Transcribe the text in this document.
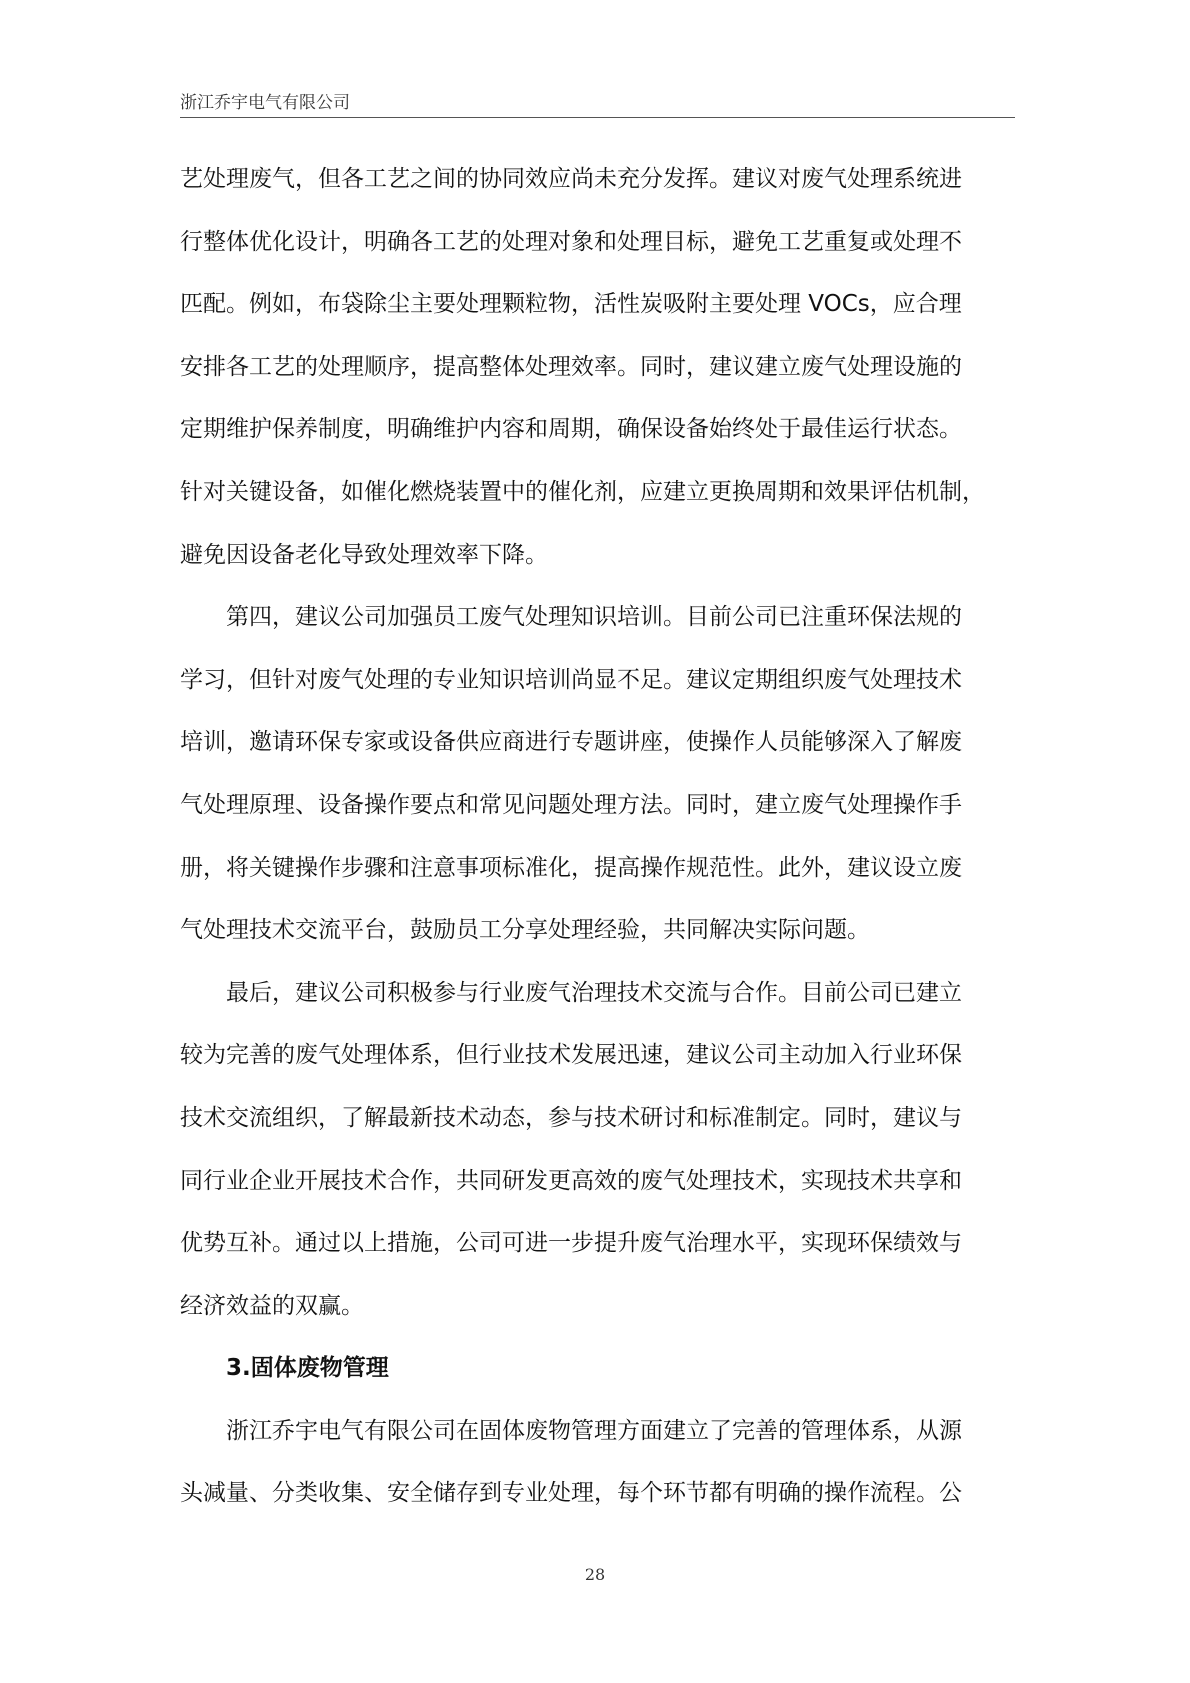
浙江乔宇电气有限公司
艺处理废气，但各工艺之间的协同效应尚未充分发挥。建议对废气处理系统进
行整体优化设计，明确各工艺的处理对象和处理目标，避免工艺重复或处理不
匹配。例如，布袋除尘主要处理颗粒物，活性炭吸附主要处理 VOCs，应合理
安排各工艺的处理顺序，提高整体处理效率。同时，建议建立废气处理设施的
定期维护保养制度，明确维护内容和周期，确保设备始终处于最佳运行状态。
针对关键设备，如催化燃烧装置中的催化剂，应建立更换周期和效果评估机制，
避免因设备老化导致处理效率下降。
第四，建议公司加强员工废气处理知识培训。目前公司已注重环保法规的
学习，但针对废气处理的专业知识培训尚显不足。建议定期组织废气处理技术
培训，邀请环保专家或设备供应商进行专题讲座，使操作人员能够深入了解废
气处理原理、设备操作要点和常见问题处理方法。同时，建立废气处理操作手
册，将关键操作步骤和注意事项标准化，提高操作规范性。此外，建议设立废
气处理技术交流平台，鼓励员工分享处理经验，共同解决实际问题。
最后，建议公司积极参与行业废气治理技术交流与合作。目前公司已建立
较为完善的废气处理体系，但行业技术发展迅速，建议公司主动加入行业环保
技术交流组织，了解最新技术动态，参与技术研讨和标准制定。同时，建议与
同行业企业开展技术合作，共同研发更高效的废气处理技术，实现技术共享和
优势互补。通过以上措施，公司可进一步提升废气治理水平，实现环保绩效与
经济效益的双赢。
3.固体废物管理
浙江乔宇电气有限公司在固体废物管理方面建立了完善的管理体系，从源
头减量、分类收集、安全储存到专业处理，每个环节都有明确的操作流程。公
28
